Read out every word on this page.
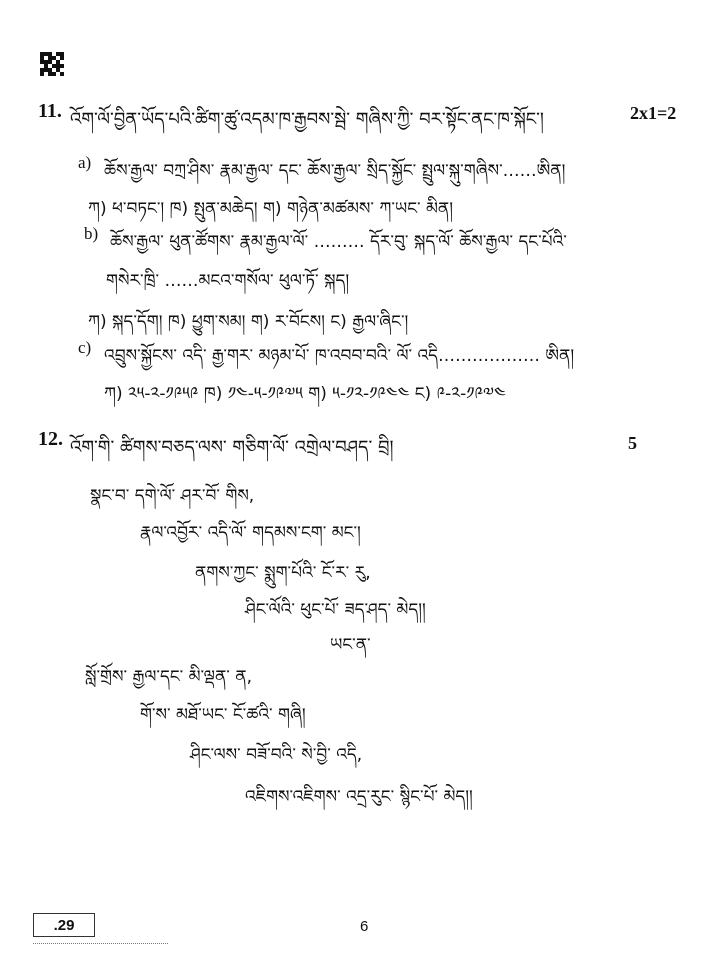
11. འོག་ལོ་བྱིན་ཡོད་པའི་ཚིག་ཚུ་འདམ་ཁ་རྒྱབས་སྦེ་ གཞིས་ཀྱི་ བར་སྟོང་ནང་ཁ་སྐོང་།	2x1=2
a) ཆོས་རྒྱལ་ བཀྲ་ཤིས་ རྣམ་རྒྱལ་ དང་ ཆོས་རྒྱལ་ སྲིད་སྐྱོང་ སྤྲུལ་སྐུ་གཞིས་……ཨིན།
ཀ) ཕ་བཏང་། ཁ) སྤུན་མཆེད། ག) གཉེན་མཚམས་ ཀ་ཡང་ མིན།
b) ཆོས་རྒྱལ་ ཕུན་ཚོགས་ རྣམ་རྒྱལ་ལོ་ ……… དོར་བུ་ སྐད་ལོ་ ཆོས་རྒྱལ་ དང་པོའི་
གསེར་ཁྲི་ ……མངའ་གསོལ་ ཕུལ་ཏོ་ སྐད།
ཀ) སྐད་དོག། ཁ) ཕྱུག་སམ། ག) ར་བོངས། ང) རྒྱལ་ཞིང་།
c) འབྲུས་སྐྱོངས་ འདི་ རྒྱ་གར་ མཉམ་པོ་ ཁ་འབབ་བའི་ ལོ་ འདི……………… ཨིན།
ཀ) ༢༥-༢-༡༩༥༩ ཁ) ༡༤-༥-༡༩༧༥ ག) ༥-༡༢-༡༩༤༤ ང) ༩-༢-༡༩༧༤
12. འོག་གི་ ཚིགས་བཅད་ལས་ གཅིག་ལོ་ འགྲེལ་བཤད་ བྲི།	5
སྣང་བ་ དགེ་ལོ་ ཤར་བོ་ གིས,
རྣལ་འབྱོར་ འདི་ལོ་ གདམས་ངག་ མང་།
ནགས་ཀྱང་ སྨུག་པོའི་ ངོ་ར་ རུ,
ཤིང་ལོའི་ ཕུང་པོ་ ཟད་ཤད་ མེད།།
ཡང་ན་
སློ་གྲོས་ རྒྱལ་དང་ མི་ལྡན་ ན,
གོ་ས་ མཐོ་ཡང་ ངོ་ཚའི་ གཞི།
ཤིང་ལས་ བཟོ་བའི་ སེ་བྱི་ འདི,
འཇིགས་འཇིགས་ འདྲ་རུང་ སྙིང་པོ་ མེད།།
.29	6
